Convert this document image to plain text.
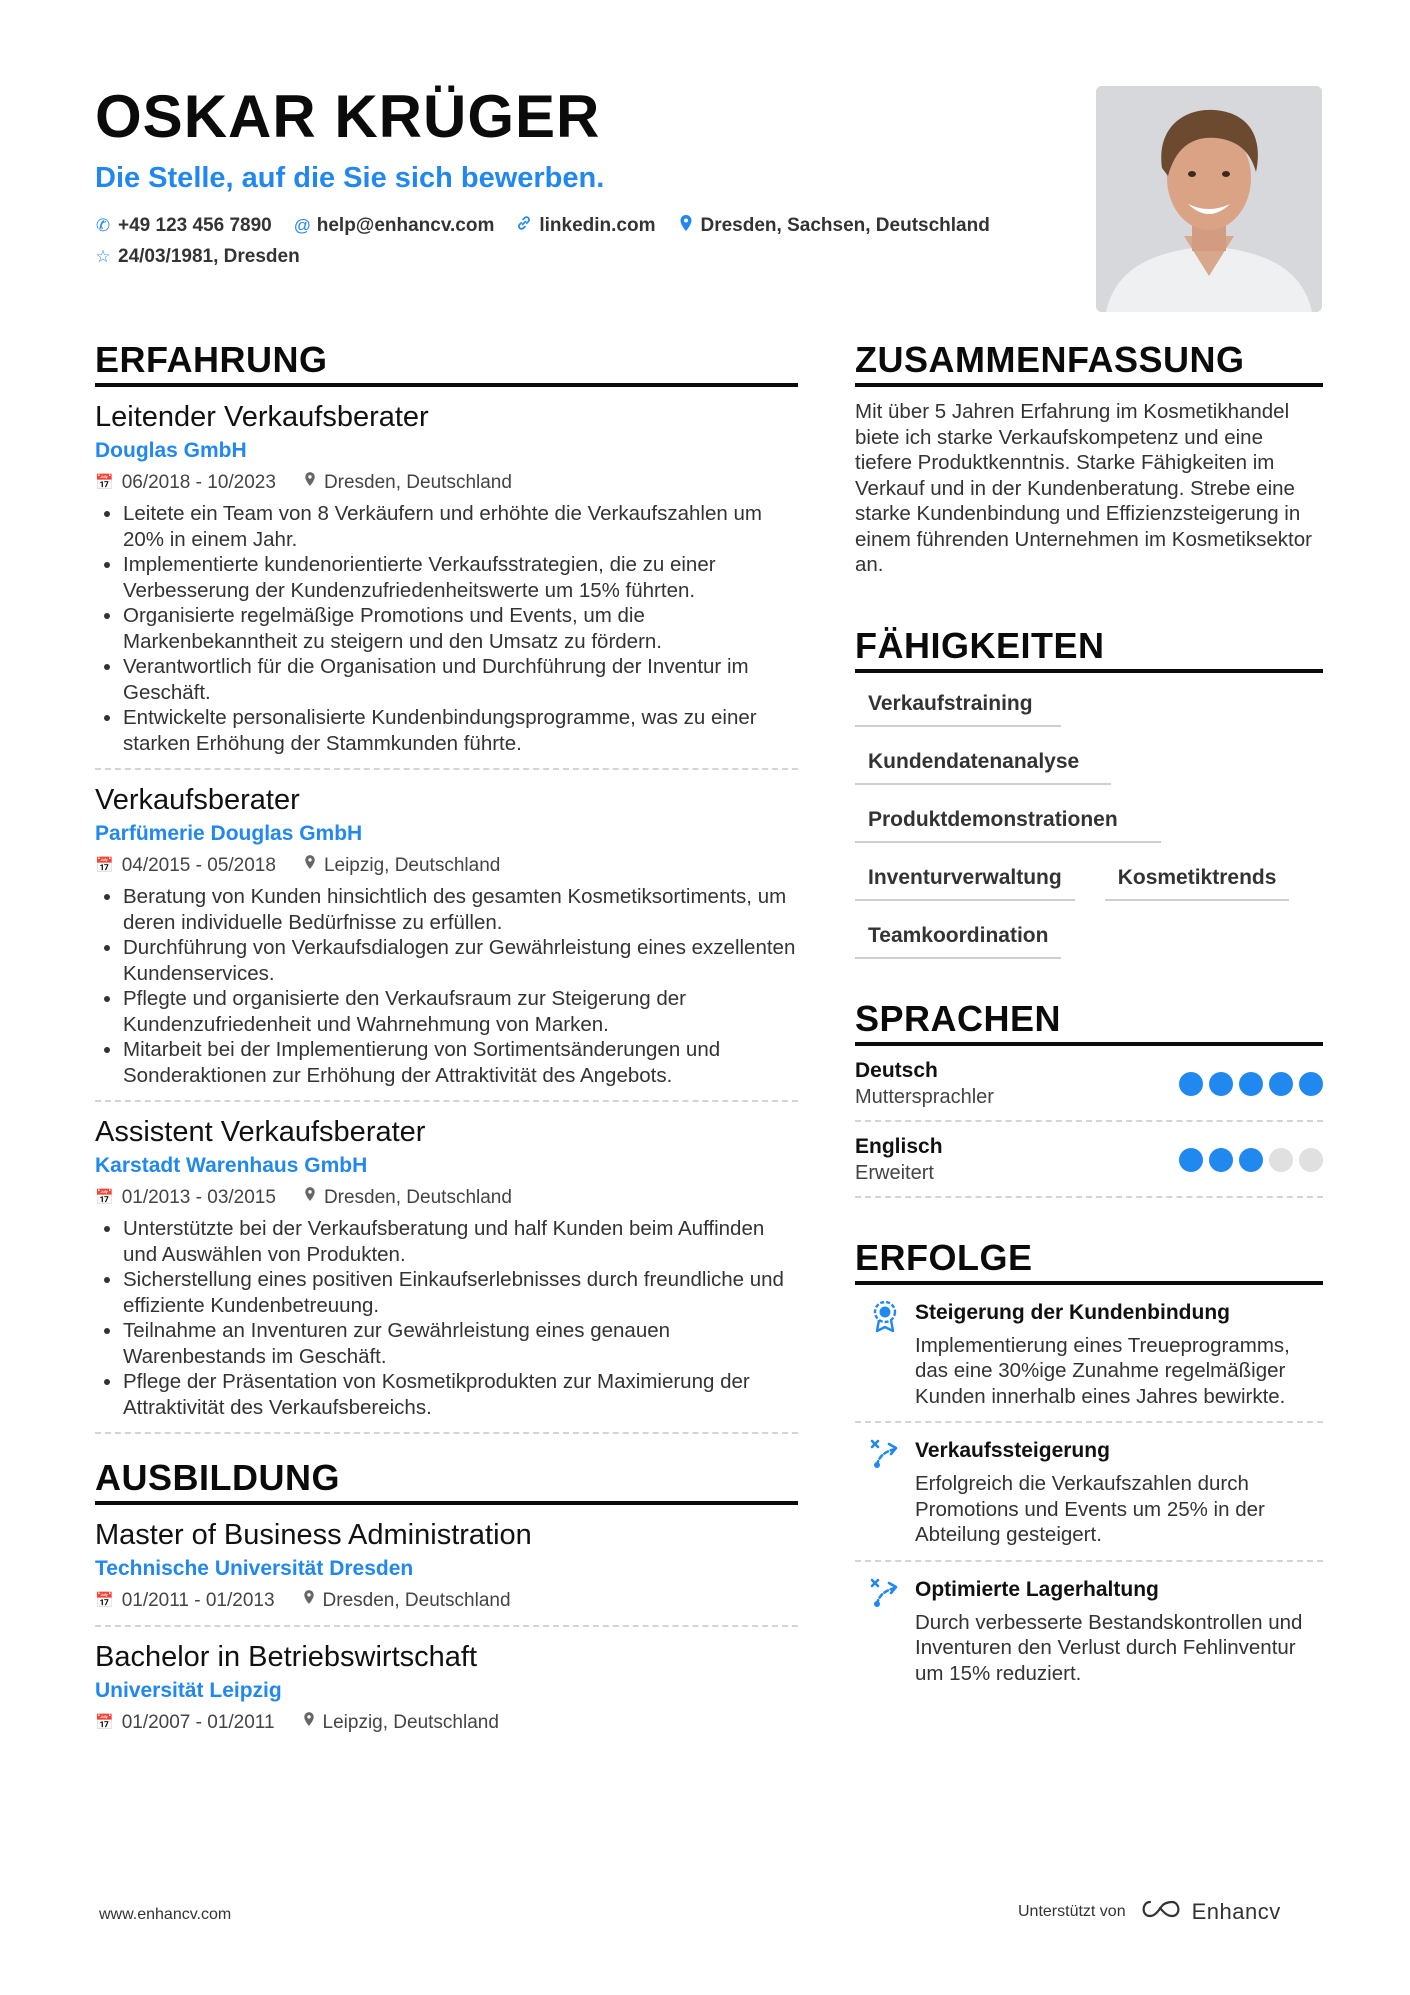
OSKAR KRÜGER
Die Stelle, auf die Sie sich bewerben.
✆ +49 123 456 7890 @ help@enhancv.com linkedin.com Dresden, Sachsen, Deutschland
☆ 24/03/1981, Dresden
ERFAHRUNG
Leitender Verkaufsberater
Douglas GmbH
📅 06/2018 - 10/2023	Dresden, Deutschland
• Leitete ein Team von 8 Verkäufern und erhöhte die Verkaufszahlen um 20% in einem Jahr.
• Implementierte kundenorientierte Verkaufsstrategien, die zu einer Verbesserung der Kundenzufriedenheitswerte um 15% führten.
• Organisierte regelmäßige Promotions und Events, um die Markenbekanntheit zu steigern und den Umsatz zu fördern.
• Verantwortlich für die Organisation und Durchführung der Inventur im Geschäft.
• Entwickelte personalisierte Kundenbindungsprogramme, was zu einer starken Erhöhung der Stammkunden führte.
Verkaufsberater
Parfümerie Douglas GmbH
📅 04/2015 - 05/2018	Leipzig, Deutschland
• Beratung von Kunden hinsichtlich des gesamten Kosmetiksortiments, um deren individuelle Bedürfnisse zu erfüllen.
• Durchführung von Verkaufsdialogen zur Gewährleistung eines exzellenten Kundenservices.
• Pflegte und organisierte den Verkaufsraum zur Steigerung der Kundenzufriedenheit und Wahrnehmung von Marken.
• Mitarbeit bei der Implementierung von Sortimentsänderungen und Sonderaktionen zur Erhöhung der Attraktivität des Angebots.
Assistent Verkaufsberater
Karstadt Warenhaus GmbH
📅 01/2013 - 03/2015	Dresden, Deutschland
• Unterstützte bei der Verkaufsberatung und half Kunden beim Auffinden und Auswählen von Produkten.
• Sicherstellung eines positiven Einkaufserlebnisses durch freundliche und effiziente Kundenbetreuung.
• Teilnahme an Inventuren zur Gewährleistung eines genauen Warenbestands im Geschäft.
• Pflege der Präsentation von Kosmetikprodukten zur Maximierung der Attraktivität des Verkaufsbereichs.
AUSBILDUNG
Master of Business Administration
Technische Universität Dresden
📅 01/2011 - 01/2013	Dresden, Deutschland
Bachelor in Betriebswirtschaft
Universität Leipzig
📅 01/2007 - 01/2011	Leipzig, Deutschland
ZUSAMMENFASSUNG
Mit über 5 Jahren Erfahrung im Kosmetikhandel biete ich starke Verkaufskompetenz und eine tiefere Produktkenntnis. Starke Fähigkeiten im Verkauf und in der Kundenberatung. Strebe eine starke Kundenbindung und Effizienzsteigerung in einem führenden Unternehmen im Kosmetiksektor an.
FÄHIGKEITEN
Verkaufstraining
Kundendatenanalyse
Produktdemonstrationen
Inventurverwaltung	Kosmetiktrends
Teamkoordination
SPRACHEN
Deutsch
Muttersprachler
Englisch
Erweitert
ERFOLGE
Steigerung der Kundenbindung
Implementierung eines Treueprogramms, das eine 30%ige Zunahme regelmäßiger Kunden innerhalb eines Jahres bewirkte.
Verkaufssteigerung
Erfolgreich die Verkaufszahlen durch Promotions und Events um 25% in der Abteilung gesteigert.
Optimierte Lagerhaltung
Durch verbesserte Bestandskontrollen und Inventuren den Verlust durch Fehlinventur um 15% reduziert.
www.enhancv.com	Unterstützt von	Enhancv
